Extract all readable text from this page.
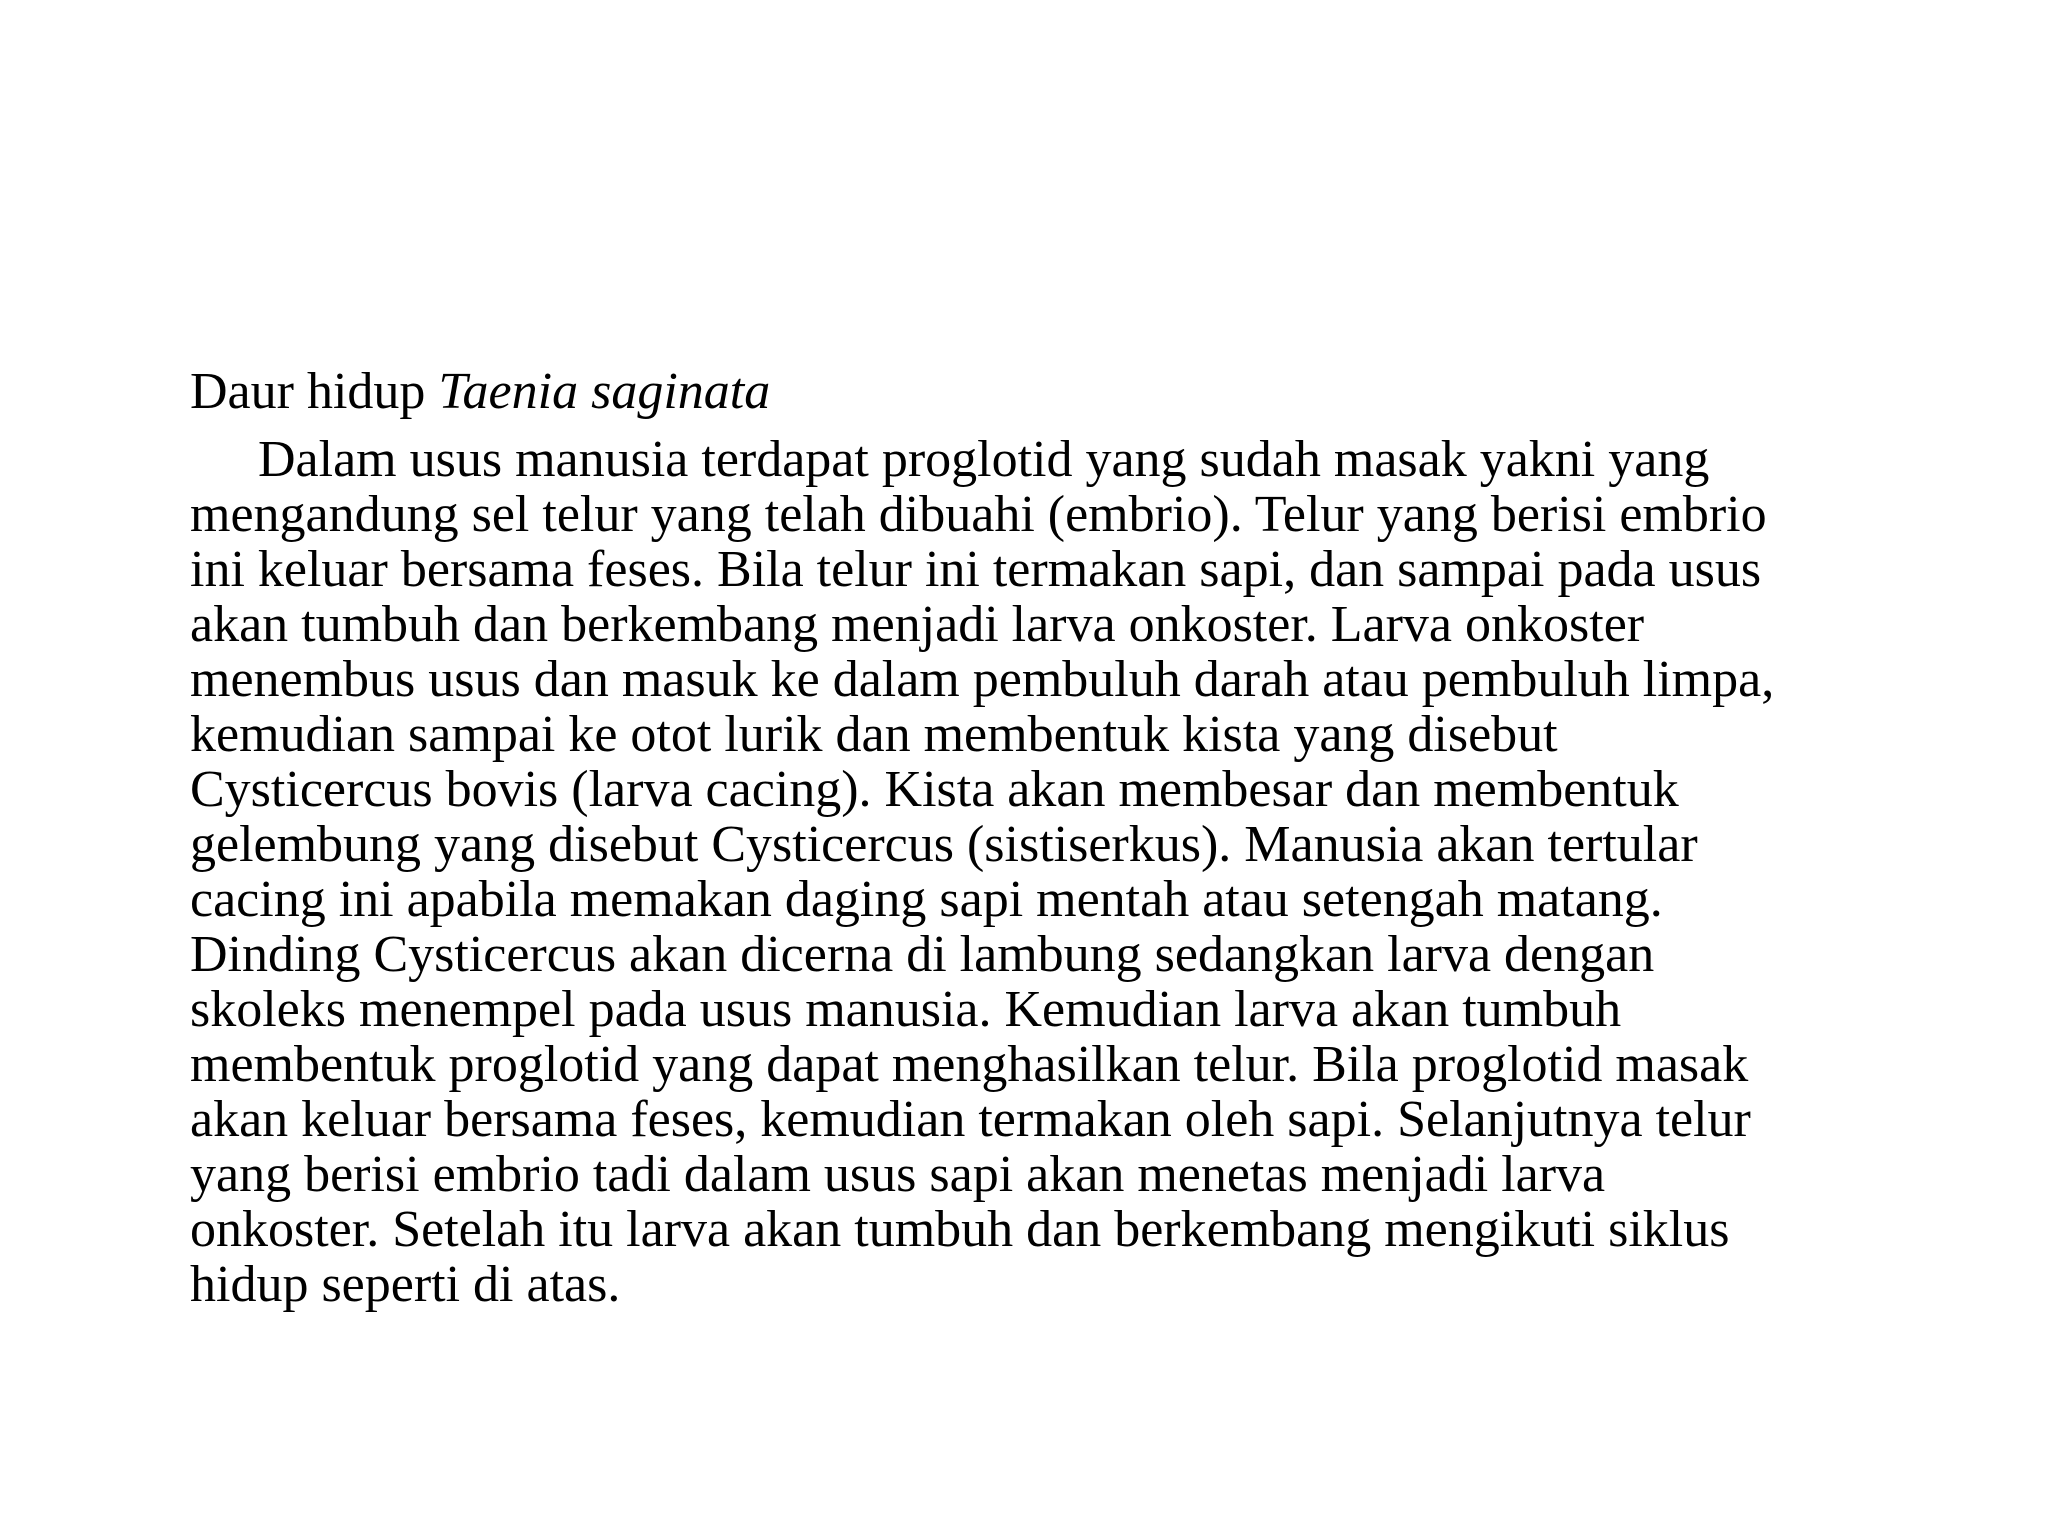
Daur hidup Taenia saginata
Dalam usus manusia terdapat proglotid yang sudah masak yakni yang
mengandung sel telur yang telah dibuahi (embrio). Telur yang berisi embrio
ini keluar bersama feses. Bila telur ini termakan sapi, dan sampai pada usus
akan tumbuh dan berkembang menjadi larva onkoster. Larva onkoster
menembus usus dan masuk ke dalam pembuluh darah atau pembuluh limpa,
kemudian sampai ke otot lurik dan membentuk kista yang disebut
Cysticercus bovis (larva cacing). Kista akan membesar dan membentuk
gelembung yang disebut Cysticercus (sistiserkus). Manusia akan tertular
cacing ini apabila memakan daging sapi mentah atau setengah matang.
Dinding Cysticercus akan dicerna di lambung sedangkan larva dengan
skoleks menempel pada usus manusia. Kemudian larva akan tumbuh
membentuk proglotid yang dapat menghasilkan telur. Bila proglotid masak
akan keluar bersama feses, kemudian termakan oleh sapi. Selanjutnya telur
yang berisi embrio tadi dalam usus sapi akan menetas menjadi larva
onkoster. Setelah itu larva akan tumbuh dan berkembang mengikuti siklus
hidup seperti di atas.
